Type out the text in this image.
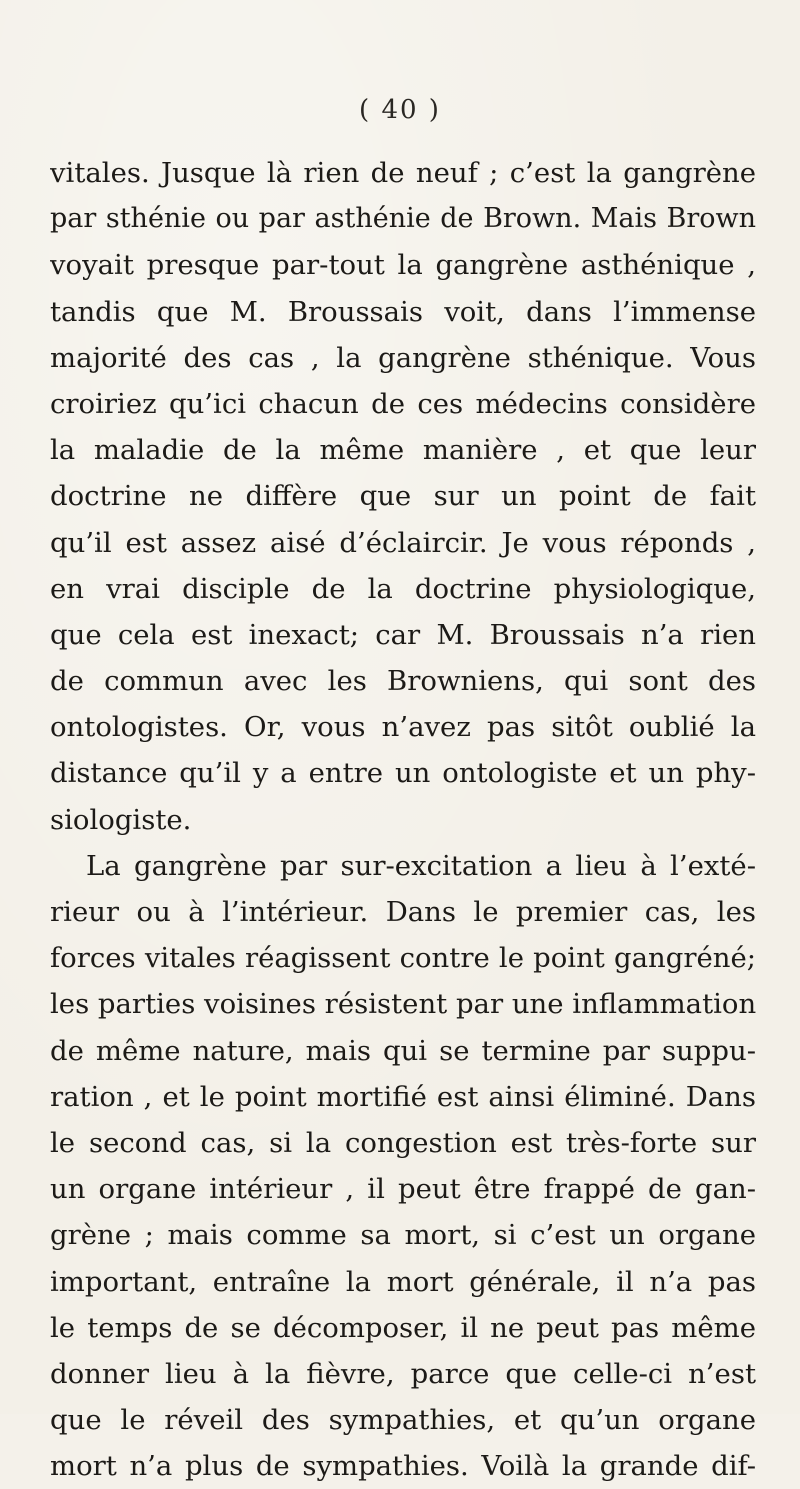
( 40 )
vitales. Jusque là rien de neuf ; c’est la gangrène
par sthénie ou par asthénie de Brown. Mais Brown
voyait presque par-tout la gangrène asthénique ,
tandis que M. Broussais voit, dans l’immense
majorité des cas , la gangrène sthénique. Vous
croiriez qu’ici chacun de ces médecins considère
la maladie de la même manière , et que leur
doctrine ne diffère que sur un point de fait
qu’il est assez aisé d’éclaircir. Je vous réponds ,
en vrai disciple de la doctrine physiologique,
que cela est inexact; car M. Broussais n’a rien
de commun avec les Browniens, qui sont des
ontologistes. Or, vous n’avez pas sitôt oublié la
distance qu’il y a entre un ontologiste et un phy-
siologiste.
La gangrène par sur-excitation a lieu à l’exté-
rieur ou à l’intérieur. Dans le premier cas, les
forces vitales réagissent contre le point gangréné;
les parties voisines résistent par une inflammation
de même nature, mais qui se termine par suppu-
ration , et le point mortifié est ainsi éliminé. Dans
le second cas, si la congestion est très-forte sur
un organe intérieur , il peut être frappé de gan-
grène ; mais comme sa mort, si c’est un organe
important, entraîne la mort générale, il n’a pas
le temps de se décomposer, il ne peut pas même
donner lieu à la fièvre, parce que celle-ci n’est
que le réveil des sympathies, et qu’un organe
mort n’a plus de sympathies. Voilà la grande dif-
